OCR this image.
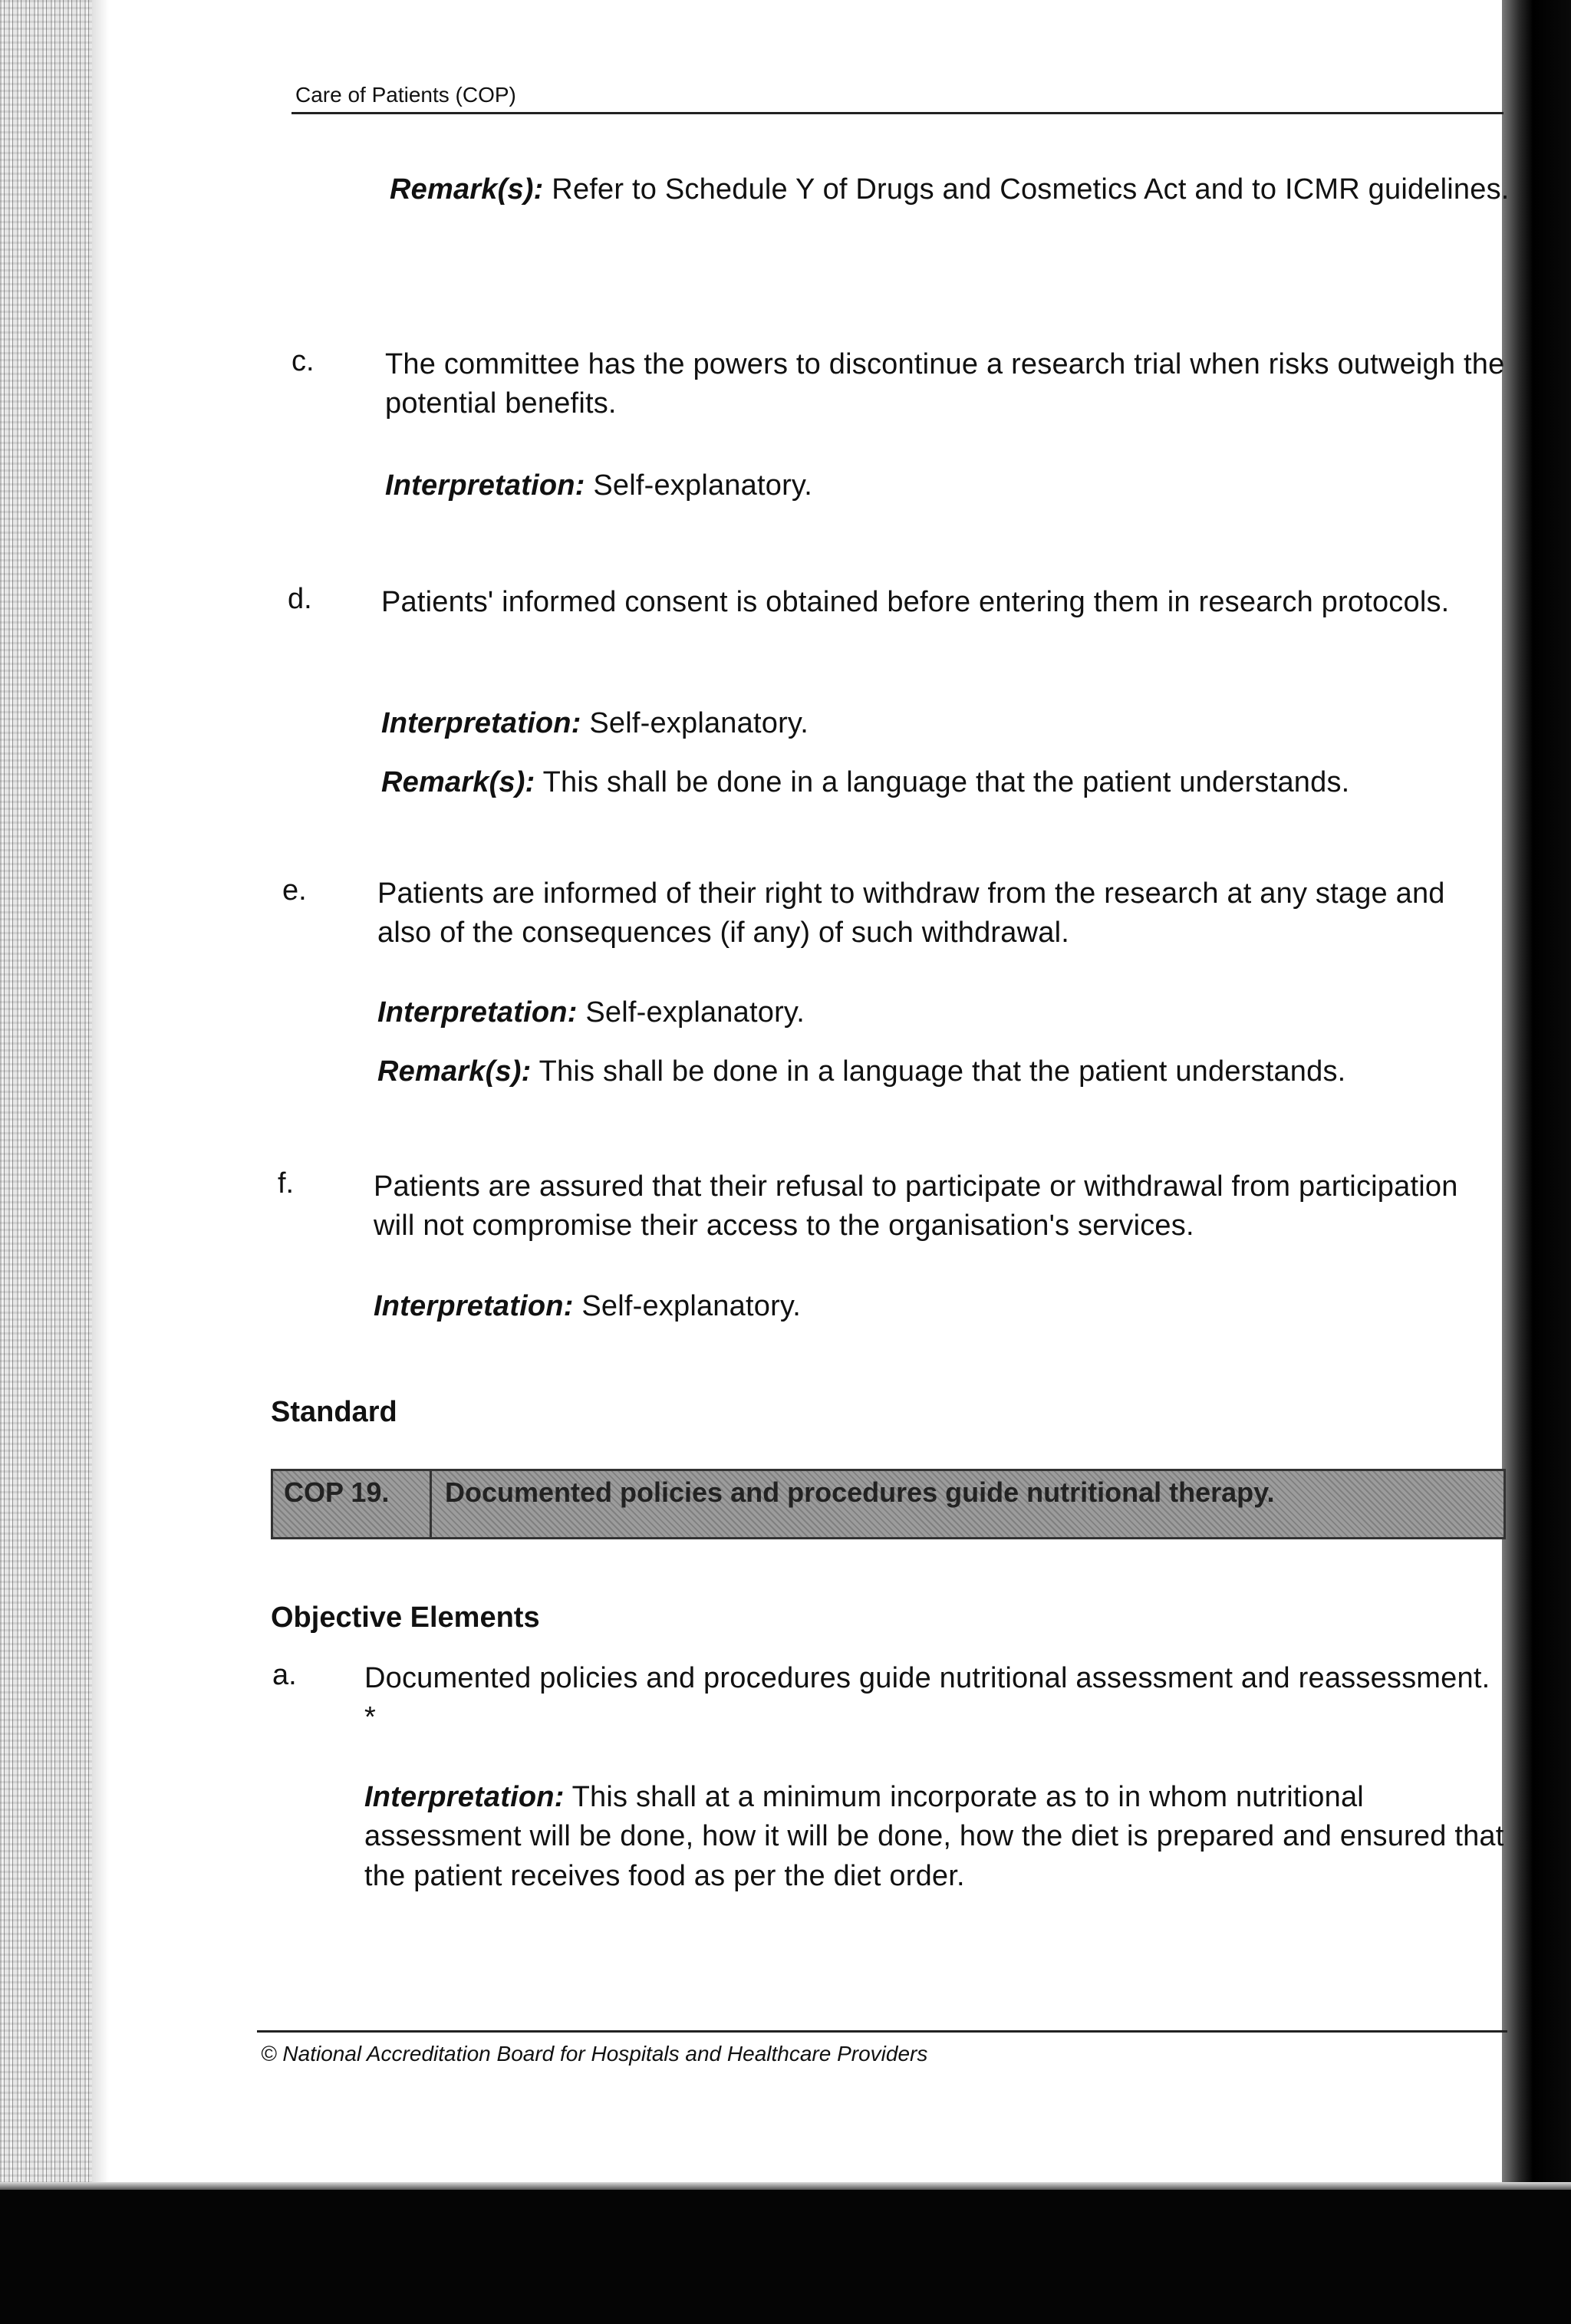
Care of Patients (COP)
Remark(s): Refer to Schedule Y of Drugs and Cosmetics Act and to ICMR guidelines.
c. The committee has the powers to discontinue a research trial when risks outweigh the potential benefits.
Interpretation: Self-explanatory.
d. Patients' informed consent is obtained before entering them in research protocols.
Interpretation: Self-explanatory.
Remark(s): This shall be done in a language that the patient understands.
e. Patients are informed of their right to withdraw from the research at any stage and also of the consequences (if any) of such withdrawal.
Interpretation: Self-explanatory.
Remark(s): This shall be done in a language that the patient understands.
f.	Patients are assured that their refusal to participate or withdrawal from participation will not compromise their access to the organisation's services.
Interpretation: Self-explanatory.
Standard
COP 19. Documented policies and procedures guide nutritional therapy.
Objective Elements
a. Documented policies and procedures guide nutritional assessment and reassessment. *
Interpretation: This shall at a minimum incorporate as to in whom nutritional assessment will be done, how it will be done, how the diet is prepared and ensured that the patient receives food as per the diet order.
© National Accreditation Board for Hospitals and Healthcare Providers
